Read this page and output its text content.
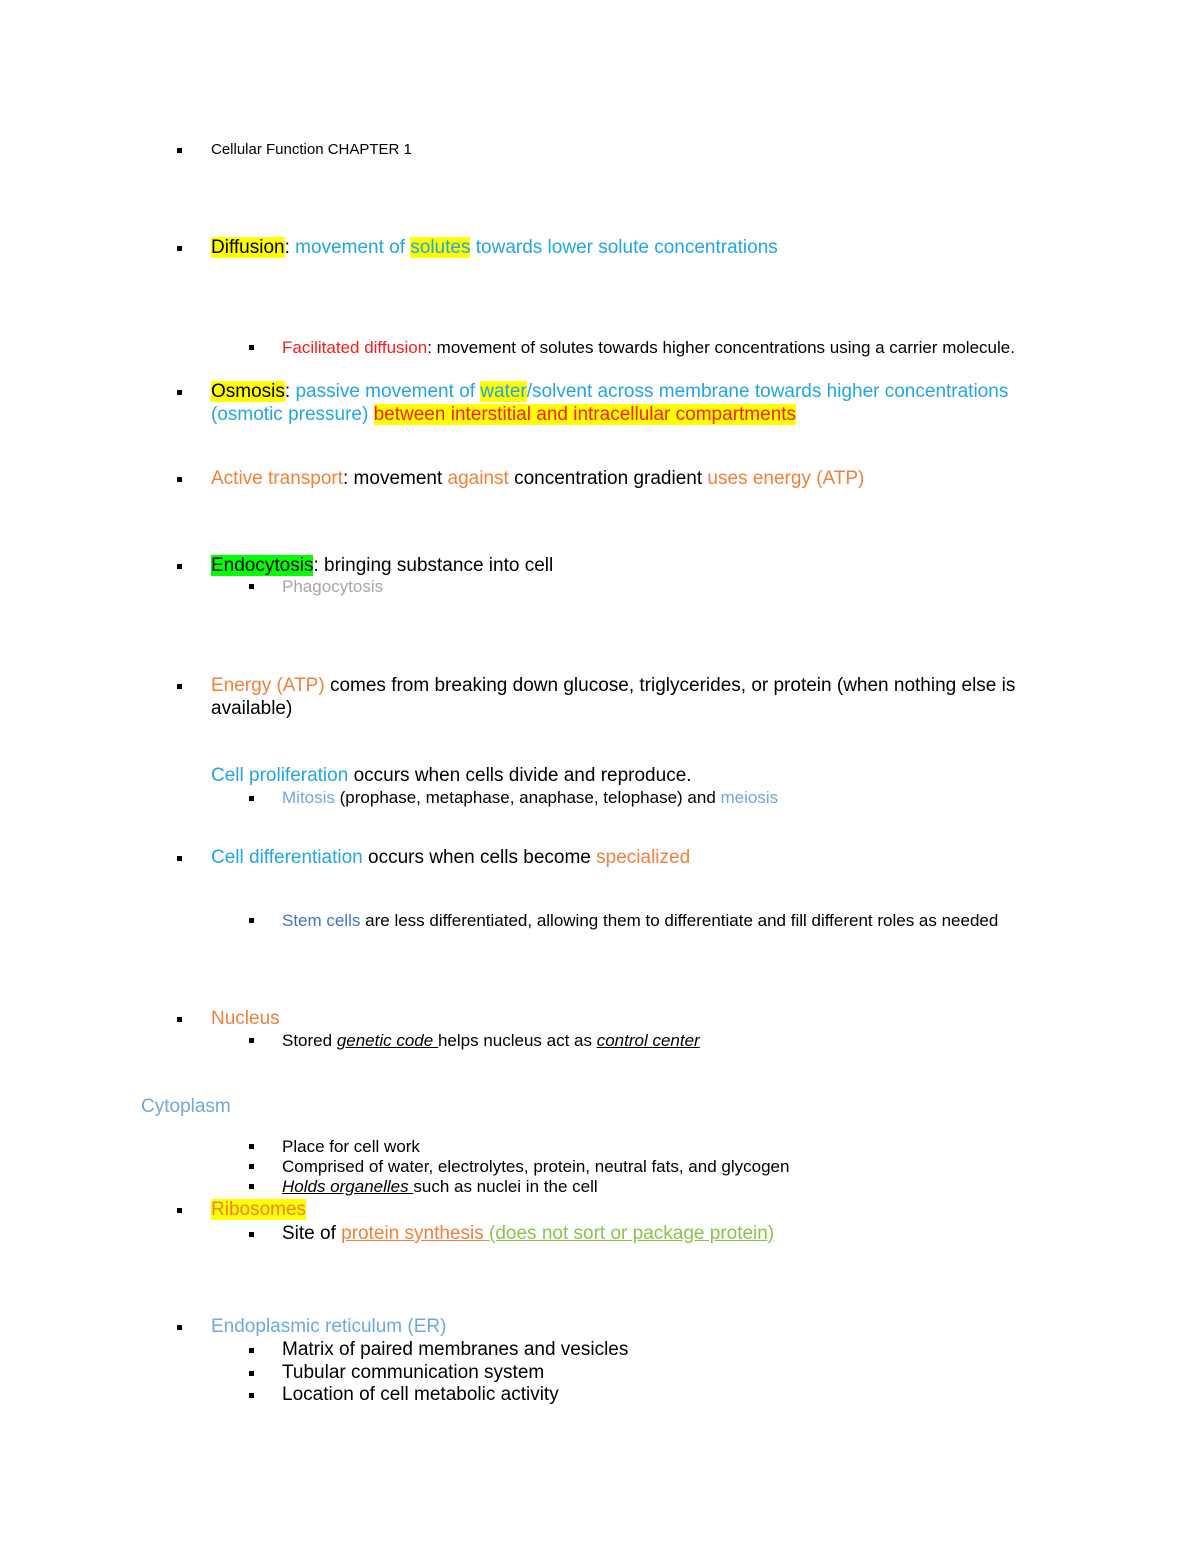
Cellular Function CHAPTER 1
Diffusion: movement of solutes towards lower solute concentrations
Facilitated diffusion: movement of solutes towards higher concentrations using a carrier molecule.
Osmosis: passive movement of water/solvent across membrane towards higher concentrations
(osmotic pressure) between interstitial and intracellular compartments
Active transport: movement against concentration gradient uses energy (ATP)
Endocytosis: bringing substance into cell
Phagocytosis
Energy (ATP) comes from breaking down glucose, triglycerides, or protein (when nothing else is
available)
Cell proliferation occurs when cells divide and reproduce.
Mitosis (prophase, metaphase, anaphase, telophase) and meiosis
Cell differentiation occurs when cells become specialized
Stem cells are less differentiated, allowing them to differentiate and fill different roles as needed
Nucleus
Stored genetic code helps nucleus act as control center
Cytoplasm
Place for cell work
Comprised of water, electrolytes, protein, neutral fats, and glycogen
Holds organelles such as nuclei in the cell
Ribosomes
Site of protein synthesis (does not sort or package protein)
Endoplasmic reticulum (ER)
Matrix of paired membranes and vesicles
Tubular communication system
Location of cell metabolic activity
